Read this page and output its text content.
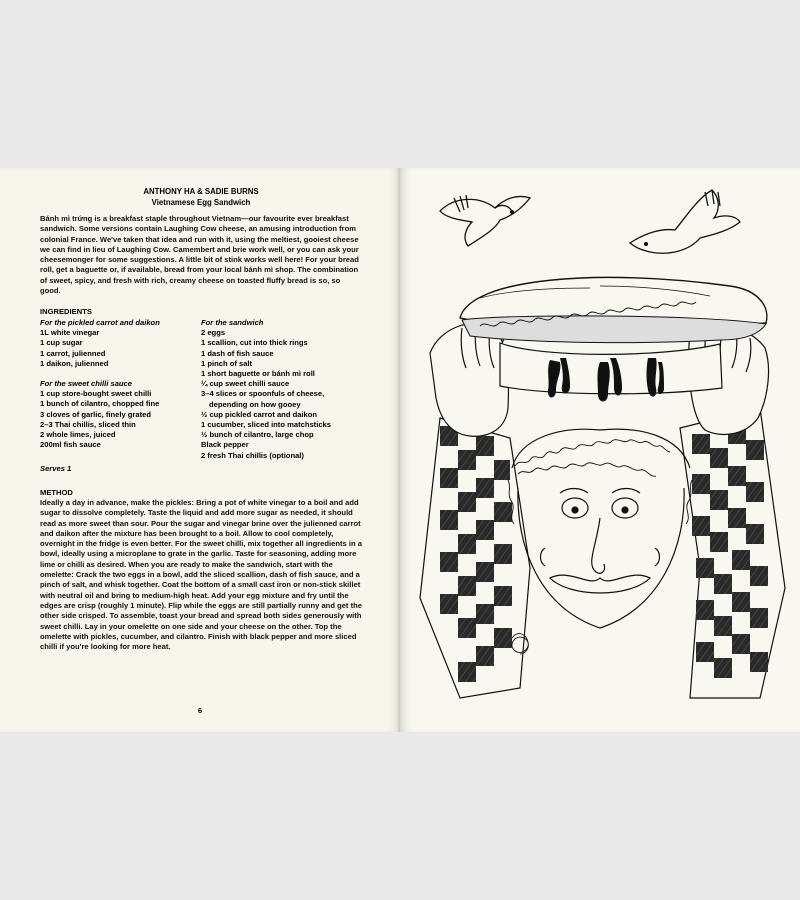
ANTHONY HA & SADIE BURNS
Vietnamese Egg Sandwich

Bánh mì trứng is a breakfast staple throughout Vietnam—our favourite ever breakfast sandwich. Some versions contain Laughing Cow cheese, an amusing introduction from colonial France. We've taken that idea and run with it, using the meltiest, gooiest cheese we can find in lieu of Laughing Cow. Camembert and brie work well, or you can ask your cheesemonger for some suggestions. A little bit of stink works well here! For your bread roll, get a baguette or, if available, bread from your local bánh mì shop. The combination of sweet, spicy, and fresh with rich, creamy cheese on toasted fluffy bread is so, so good.

INGREDIENTS
For the pickled carrot and daikon
1L white vinegar
1 cup sugar
1 carrot, julienned
1 daikon, julienned
For the sweet chilli sauce
1 cup store-bought sweet chilli
1 bunch of cilantro, chopped fine
3 cloves of garlic, finely grated
2–3 Thai chillis, sliced thin
2 whole limes, juiced
200ml fish sauce
For the sandwich
2 eggs
1 scallion, cut into thick rings
1 dash of fish sauce
1 pinch of salt
1 short baguette or bánh mì roll
¼ cup sweet chilli sauce
3–4 slices or spoonfuls of cheese,
depending on how gooey
½ cup pickled carrot and daikon
1 cucumber, sliced into matchsticks
½ bunch of cilantro, large chop
Black pepper
2 fresh Thai chillis (optional)
Serves 1
METHOD
Ideally a day in advance, make the pickles: Bring a pot of white vinegar to a boil and add sugar to dissolve completely. Taste the liquid and add more sugar as needed, it should read as more sweet than sour. Pour the sugar and vinegar brine over the julienned carrot and daikon after the mixture has been brought to a boil. Allow to cool completely, overnight in the fridge is even better. For the sweet chilli, mix together all ingredients in a bowl, ideally using a microplane to grate in the garlic. Taste for seasoning, adding more lime or chilli as desired. When you are ready to make the sandwich, start with the omelette: Crack the two eggs in a bowl, add the sliced scallion, dash of fish sauce, and a pinch of salt, and whisk together. Coat the bottom of a small cast iron or non-stick skillet with neutral oil and bring to medium-high heat. Add your egg mixture and fry until the edges are crisp (roughly 1 minute). Flip while the eggs are still partially runny and get the other side crisped. To assemble, toast your bread and spread both sides generously with sweet chilli. Lay in your omelette on one side and your cheese on the other. Top the omelette with pickles, cucumber, and cilantro. Finish with black pepper and more sliced chilli if you're looking for more heat.
6
